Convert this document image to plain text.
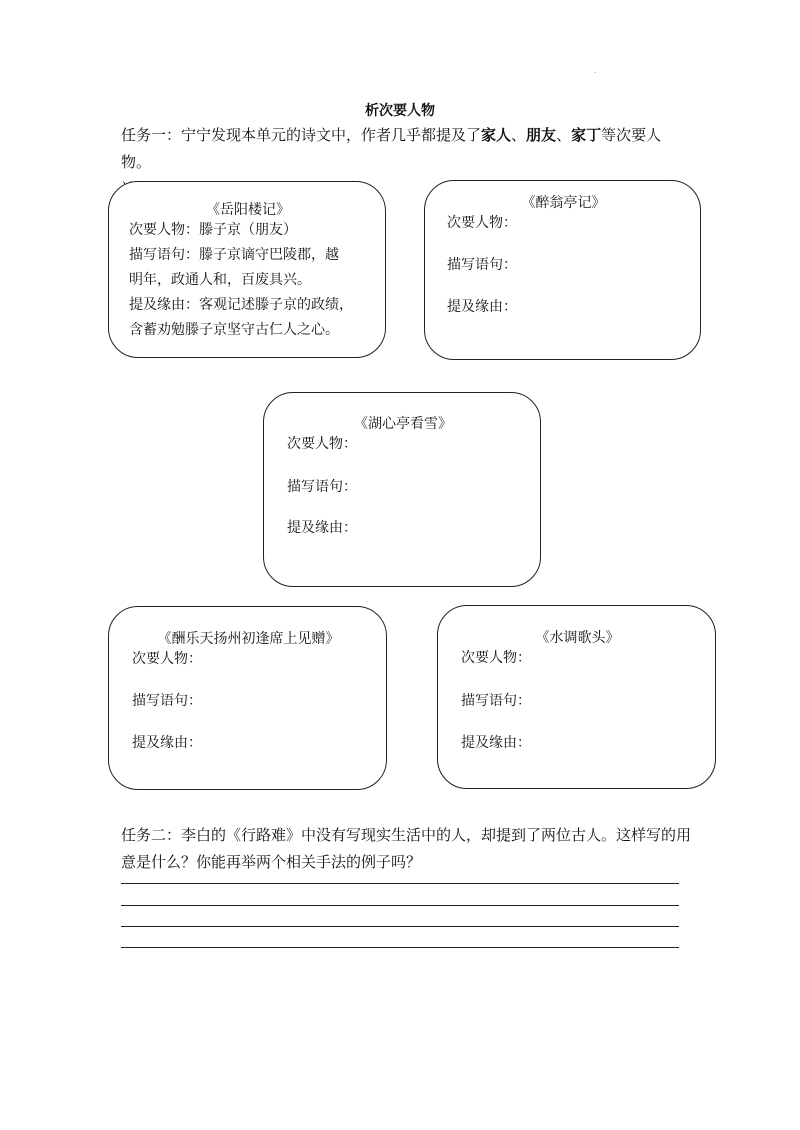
.
析次要人物
任务一：宁宁发现本单元的诗文中，作者几乎都提及了家人、朋友、家丁等次要人物。
《岳阳楼记》
次要人物：滕子京（朋友）
描写语句：滕子京谪守巴陵郡，越
明年，政通人和，百废具兴。
提及缘由：客观记述滕子京的政绩，
含蓄劝勉滕子京坚守古仁人之心。
《醉翁亭记》
次要人物：
描写语句：
提及缘由：
《湖心亭看雪》
次要人物：
描写语句：
提及缘由：
《酬乐天扬州初逢席上见赠》
次要人物：
描写语句：
提及缘由：
《水调歌头》
次要人物：
描写语句：
提及缘由：
任务二：李白的《行路难》中没有写现实生活中的人，却提到了两位古人。这样写的用
意是什么？你能再举两个相关手法的例子吗？
